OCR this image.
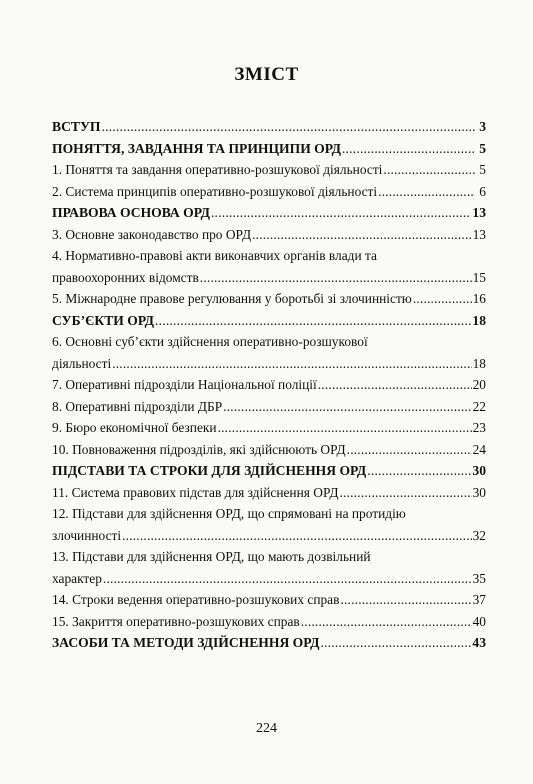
ЗМІСТ
ВСТУП .....	3
ПОНЯТТЯ, ЗАВДАННЯ ТА ПРИНЦИПИ ОРД .....	5
1. Поняття та завдання оперативно-розшукової діяльності .....	5
2. Система принципів оперативно-розшукової діяльності .....	6
ПРАВОВА ОСНОВА ОРД .....	13
3. Основне законодавство про ОРД .....	13
4. Нормативно-правові акти виконавчих органів влади та
правоохоронних відомств .....	15
5. Міжнародне правове регулювання у боротьбі зі злочинністю .....	16
СУБ’ЄКТИ ОРД .....	18
6. Основні суб’єкти здійснення оперативно-розшукової
діяльності .....	18
7. Оперативні підрозділи Національної поліції .....	20
8. Оперативні підрозділи ДБР .....	22
9. Бюро економічної безпеки .....	23
10. Повноваження підрозділів, які здійснюють ОРД .....	24
ПІДСТАВИ ТА СТРОКИ ДЛЯ ЗДІЙСНЕННЯ ОРД .....	30
11. Система правових підстав для здійснення ОРД .....	30
12. Підстави для здійснення ОРД, що спрямовані на протидію
злочинності .....	32
13. Підстави для здійснення ОРД, що мають дозвільний
характер .....	35
14. Строки ведення оперативно-розшукових справ .....	37
15. Закриття оперативно-розшукових справ .....	40
ЗАСОБИ ТА МЕТОДИ ЗДІЙСНЕННЯ ОРД .....	43
224
